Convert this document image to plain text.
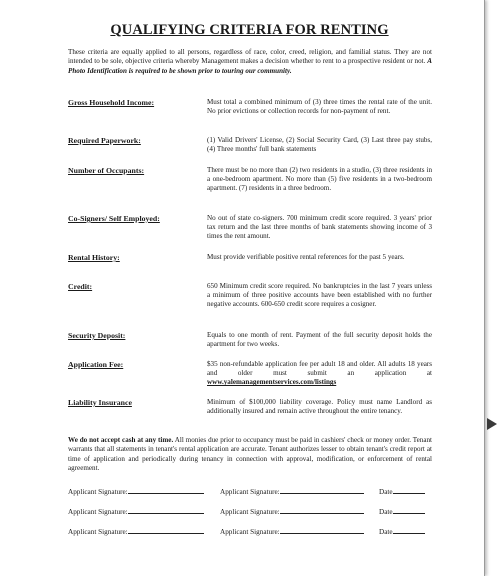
QUALIFYING CRITERIA FOR RENTING
These criteria are equally applied to all persons, regardless of race, color, creed, religion, and familial status. They are not intended to be sole, objective criteria whereby Management makes a decision whether to rent to a prospective resident or not. A Photo Identification is required to be shown prior to touring our community.
Gross Household Income:	Must total a combined minimum of (3) three times the rental rate of the unit. No prior evictions or collection records for non-payment of rent.
Required Paperwork:	(1) Valid Drivers' License, (2) Social Security Card, (3) Last three pay stubs, (4) Three months' full bank statements
Number of Occupants:	There must be no more than (2) two residents in a studio, (3) three residents in a one-bedroom apartment. No more than (5) five residents in a two-bedroom apartment. (7) residents in a three bedroom.
Co-Signers/ Self Employed:	No out of state co-signers. 700 minimum credit score required. 3 years' prior tax return and the last three months of bank statements showing income of 3 times the rent amount.
Rental History:	Must provide verifiable positive rental references for the past 5 years.
Credit:	650 Minimum credit score required. No bankruptcies in the last 7 years unless a minimum of three positive accounts have been established with no further negative accounts. 600-650 credit score requires a cosigner.
Security Deposit:	Equals to one month of rent. Payment of the full security deposit holds the apartment for two weeks.
Application Fee:	$35 non-refundable application fee per adult 18 and older. All adults 18 years and older must submit an application at www.yalemanagementservices.com/listings
Liability Insurance	Minimum of $100,000 liability coverage. Policy must name Landlord as additionally insured and remain active throughout the entire tenancy.
We do not accept cash at any time. All monies due prior to occupancy must be paid in cashiers' check or money order. Tenant warrants that all statements in tenant's rental application are accurate. Tenant authorizes lesser to obtain tenant's credit report at time of application and periodically during tenancy in connection with approval, modification, or enforcement of rental agreement.
Applicant Signature:	Applicant Signature:	Date
Applicant Signature:	Applicant Signature:	Date
Applicant Signature:	Applicant Signature:	Date
